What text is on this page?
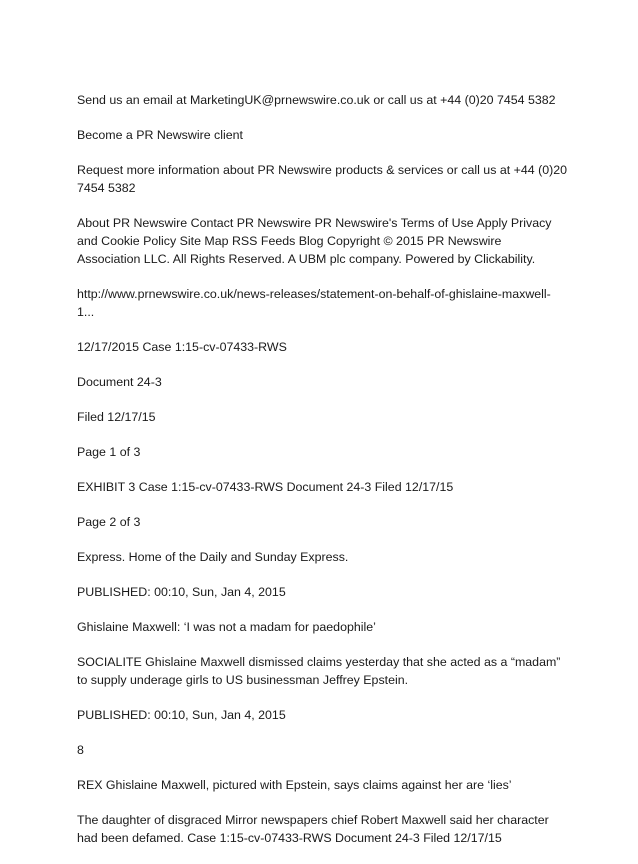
Send us an email at MarketingUK@prnewswire.co.uk or call us at +44 (0)20 7454 5382

Become a PR Newswire client

Request more information about PR Newswire products & services or call us at +44 (0)20 7454 5382

About PR Newswire Contact PR Newswire PR Newswire's Terms of Use Apply Privacy and Cookie Policy Site Map RSS Feeds Blog Copyright © 2015 PR Newswire Association LLC. All Rights Reserved. A UBM plc company. Powered by Clickability.

http://www.prnewswire.co.uk/news-releases/statement-on-behalf-of-ghislaine-maxwell-1...

12/17/2015 Case 1:15-cv-07433-RWS

Document 24-3

Filed 12/17/15

Page 1 of 3

EXHIBIT 3 Case 1:15-cv-07433-RWS Document 24-3 Filed 12/17/15

Page 2 of 3

Express. Home of the Daily and Sunday Express.

PUBLISHED: 00:10, Sun, Jan 4, 2015

Ghislaine Maxwell: ‘I was not a madam for paedophile’

SOCIALITE Ghislaine Maxwell dismissed claims yesterday that she acted as a “madam” to supply underage girls to US businessman Jeffrey Epstein.

PUBLISHED: 00:10, Sun, Jan 4, 2015

8

REX Ghislaine Maxwell, pictured with Epstein, says claims against her are ‘lies’

The daughter of disgraced Mirror newspapers chief Robert Maxwell said her character had been defamed. Case 1:15-cv-07433-RWS Document 24-3 Filed 12/17/15
